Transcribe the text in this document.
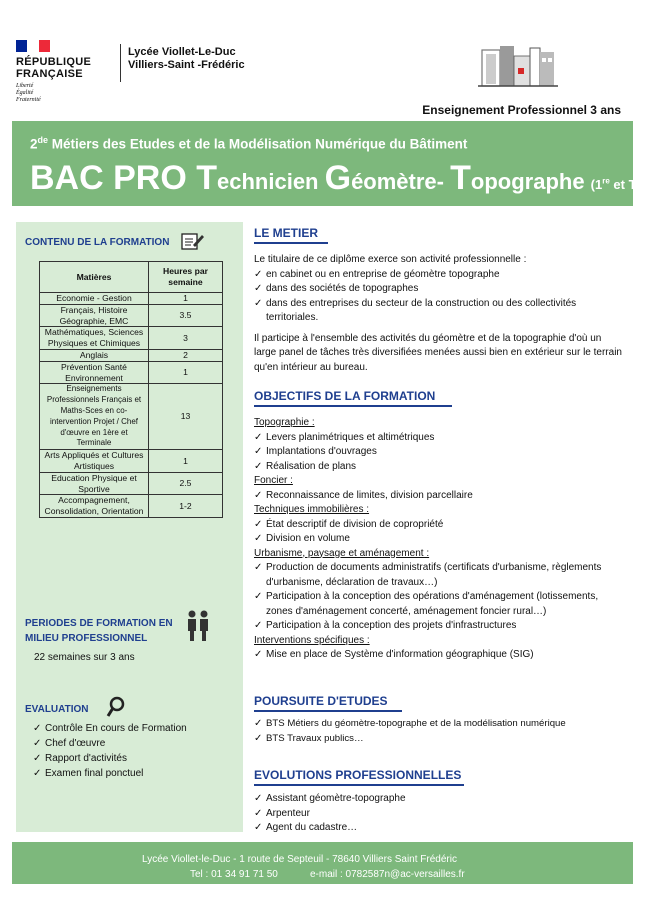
RÉPUBLIQUE
FRANÇAISE
Liberté
Égalité
Fraternité
Lycée Viollet-Le-Duc
Villiers-Saint -Frédéric
Enseignement Professionnel 3 ans
2de Métiers des Etudes et de la Modélisation Numérique du Bâtiment
BAC PRO Technicien Géomètre- Topographe (1re et $T^{le}$)
CONTENU DE LA FORMATION
Matières	Heures par semaine
Economie - Gestion	1
Français, Histoire Géographie, EMC	3.5
Mathématiques, Sciences Physiques et Chimiques	3
Anglais	2
Prévention Santé Environnement	1
Enseignements Professionnels Français et Maths-Sces en co-intervention Projet / Chef d'œuvre en 1ère et Terminale	13
Arts Appliqués et Cultures Artistiques	1
Education Physique et Sportive	2.5
Accompagnement, Consolidation, Orientation	1-2
PERIODES DE FORMATION EN
MILIEU PROFESSIONNEL
22 semaines sur 3 ans
EVALUATION
✓ Contrôle En cours de Formation
✓ Chef d'œuvre
✓ Rapport d'activités
✓ Examen final ponctuel
LE METIER
Le titulaire de ce diplôme exerce son activité professionnelle :
✓ en cabinet ou en entreprise de géomètre topographe
✓ dans des sociétés de topographes
✓ dans des entreprises du secteur de la construction ou des collectivités territoriales.
Il participe à l'ensemble des activités du géomètre et de la topographie d'où un large panel de tâches très diversifiées menées aussi bien en extérieur sur le terrain qu'en intérieur au bureau.
OBJECTIFS DE LA FORMATION
Topographie :
✓ Levers planimétriques et altimétriques
✓ Implantations d'ouvrages
✓ Réalisation de plans
Foncier :
✓ Reconnaissance de limites, division parcellaire
Techniques immobilières :
✓ État descriptif de division de copropriété
✓ Division en volume
Urbanisme, paysage et aménagement :
✓ Production de documents administratifs (certificats d'urbanisme, règlements d'urbanisme, déclaration de travaux…)
✓ Participation à la conception des opérations d'aménagement (lotissements, zones d'aménagement concerté, aménagement foncier rural…)
✓ Participation à la conception des projets d'infrastructures
Interventions spécifiques :
✓ Mise en place de Système d'information géographique (SIG)
POURSUITE D'ETUDES
✓ BTS Métiers du géomètre-topographe et de la modélisation numérique
✓ BTS Travaux publics…
EVOLUTIONS PROFESSIONNELLES
✓ Assistant géomètre-topographe
✓ Arpenteur
✓ Agent du cadastre…
Lycée Viollet-le-Duc - 1 route de Septeuil - 78640 Villiers Saint Frédéric
Tel : 01 34 91 71 50	e-mail : 0782587n@ac-versailles.fr
